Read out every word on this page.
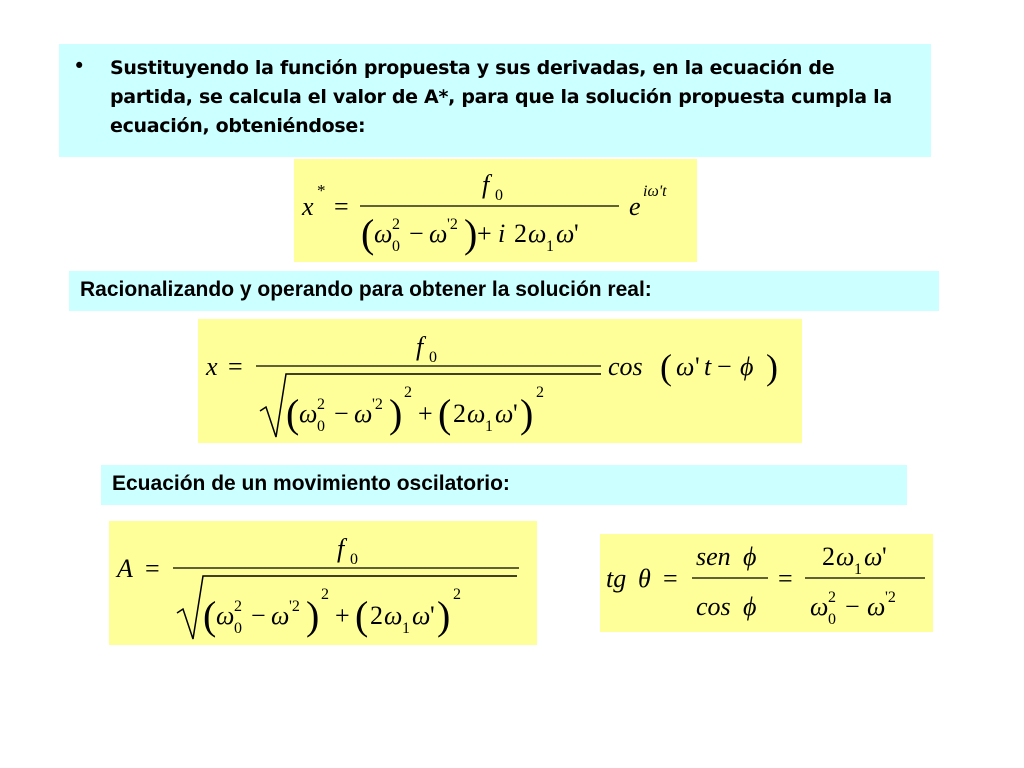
• Sustituyendo la función propuesta y sus derivadas, en la ecuación de partida, se calcula el valor de A*, para que la solución propuesta cumpla la ecuación, obteniéndose:
x
*
=
f 0
( ω 2
0 − ω '2 ) + i 2 ω 1 ω '
e
iω't
Racionalizando y operando para obtener la solución real:
x =
f 0
( ω 2
0 − ω '2 ) 2
+ ( 2 ω 1 ω ' ) 2
cos ( ω ' t − ϕ )
Ecuación de un movimiento oscilatorio:
A =
f 0
( ω 2
0 − ω '2 ) 2
+ ( 2 ω 1 ω ' ) 2
tg θ =
sen ϕ
cos ϕ
=
2 ω 1 ω '
ω 2
0 − ω '2
